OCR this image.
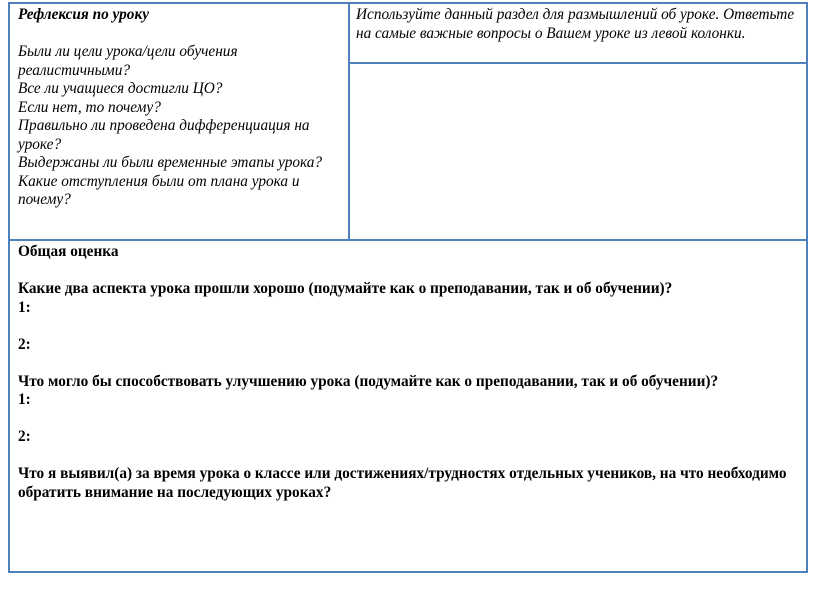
Рефлексия по уроку
Были ли цели урока/цели обучения реалистичными?
Все ли учащиеся достигли ЦО?
Если нет, то почему?
Правильно ли проведена дифференциация на уроке?
Выдержаны ли были временные этапы урока?
Какие отступления были от плана урока и почему?
Используйте данный раздел для размышлений об уроке. Ответьте на самые важные вопросы о Вашем уроке из левой колонки.
Общая оценка
Какие два аспекта урока прошли хорошо (подумайте как о преподавании, так и об обучении)?
1:
2:
Что могло бы способствовать улучшению урока (подумайте как о преподавании, так и об обучении)?
1:
2:
Что я выявил(а) за время урока о классе или достижениях/трудностях отдельных учеников, на что необходимо обратить внимание на последующих уроках?
